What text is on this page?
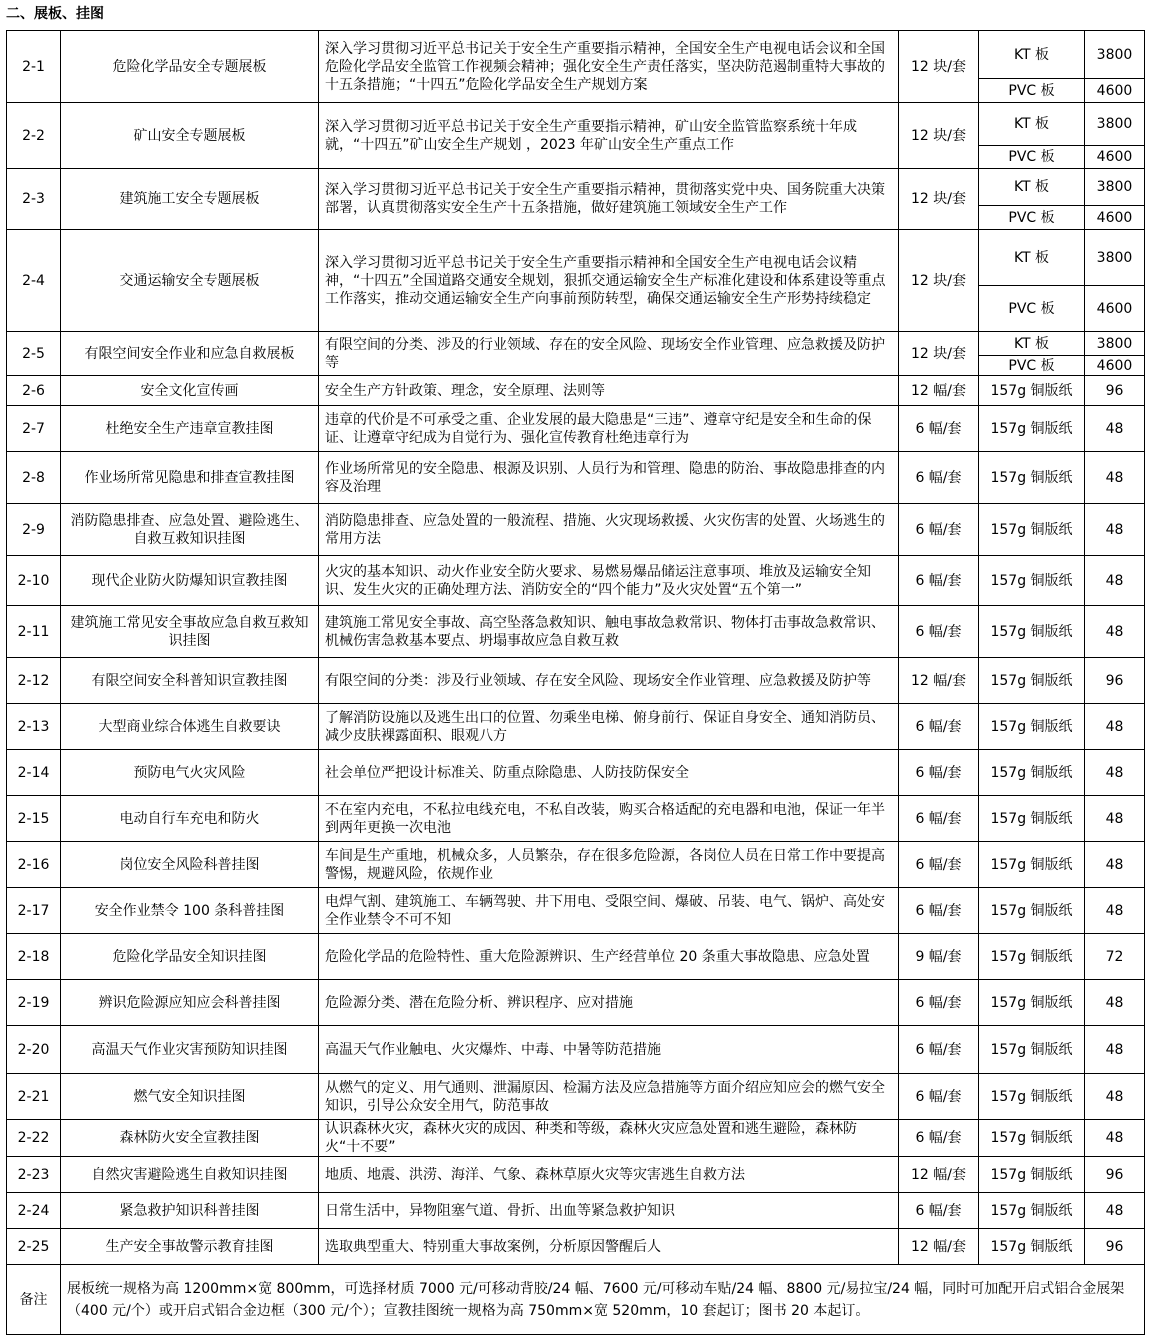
二、展板、挂图
2-1	危险化学品安全专题展板	深入学习贯彻习近平总书记关于安全生产重要指示精神，全国安全生产电视电话会议和全国危险化学品安全监管工作视频会精神；强化安全生产责任落实，坚决防范遏制重特大事故的十五条措施；“十四五”危险化学品安全生产规划方案	12 块/套	KT 板	3800
				PVC 板	4600
2-2	矿山安全专题展板	深入学习贯彻习近平总书记关于安全生产重要指示精神，矿山安全监管监察系统十年成就，“十四五”矿山安全生产规划 ，2023 年矿山安全生产重点工作	12 块/套	KT 板	3800
				PVC 板	4600
2-3	建筑施工安全专题展板	深入学习贯彻习近平总书记关于安全生产重要指示精神，贯彻落实党中央、国务院重大决策部署，认真贯彻落实安全生产十五条措施，做好建筑施工领域安全生产工作	12 块/套	KT 板	3800
				PVC 板	4600
2-4	交通运输安全专题展板	深入学习贯彻习近平总书记关于安全生产重要指示精神和全国安全生产电视电话会议精神，“十四五”全国道路交通安全规划，狠抓交通运输安全生产标准化建设和体系建设等重点工作落实，推动交通运输安全生产向事前预防转型，确保交通运输安全生产形势持续稳定	12 块/套	KT 板	3800
				PVC 板	4600
2-5	有限空间安全作业和应急自救展板	有限空间的分类、涉及的行业领域、存在的安全风险、现场安全作业管理、应急救援及防护等	12 块/套	KT 板	3800
				PVC 板	4600
2-6	安全文化宣传画	安全生产方针政策、理念，安全原理、法则等	12 幅/套	157g 铜版纸	96
2-7	杜绝安全生产违章宣教挂图	违章的代价是不可承受之重、企业发展的最大隐患是“三违”、遵章守纪是安全和生命的保证、让遵章守纪成为自觉行为、强化宣传教育杜绝违章行为	6 幅/套	157g 铜版纸	48
2-8	作业场所常见隐患和排查宣教挂图	作业场所常见的安全隐患、根源及识别、人员行为和管理、隐患的防治、事故隐患排查的内容及治理	6 幅/套	157g 铜版纸	48
2-9	消防隐患排查、应急处置、避险逃生、自救互救知识挂图	消防隐患排查、应急处置的一般流程、措施、火灾现场救援、火灾伤害的处置、火场逃生的常用方法	6 幅/套	157g 铜版纸	48
2-10	现代企业防火防爆知识宣教挂图	火灾的基本知识、动火作业安全防火要求、易燃易爆品储运注意事项、堆放及运输安全知识、发生火灾的正确处理方法、消防安全的“四个能力”及火灾处置“五个第一”	6 幅/套	157g 铜版纸	48
2-11	建筑施工常见安全事故应急自救互救知识挂图	建筑施工常见安全事故、高空坠落急救知识、触电事故急救常识、物体打击事故急救常识、机械伤害急救基本要点、坍塌事故应急自救互救	6 幅/套	157g 铜版纸	48
2-12	有限空间安全科普知识宣教挂图	有限空间的分类：涉及行业领域、存在安全风险、现场安全作业管理、应急救援及防护等	12 幅/套	157g 铜版纸	96
2-13	大型商业综合体逃生自救要诀	了解消防设施以及逃生出口的位置、勿乘坐电梯、俯身前行、保证自身安全、通知消防员、减少皮肤裸露面积、眼观八方	6 幅/套	157g 铜版纸	48
2-14	预防电气火灾风险	社会单位严把设计标准关、防重点除隐患、人防技防保安全	6 幅/套	157g 铜版纸	48
2-15	电动自行车充电和防火	不在室内充电，不私拉电线充电，不私自改装，购买合格适配的充电器和电池，保证一年半到两年更换一次电池	6 幅/套	157g 铜版纸	48
2-16	岗位安全风险科普挂图	车间是生产重地，机械众多，人员繁杂，存在很多危险源，各岗位人员在日常工作中要提高警惕，规避风险，依规作业	6 幅/套	157g 铜版纸	48
2-17	安全作业禁令 100 条科普挂图	电焊气割、建筑施工、车辆驾驶、井下用电、受限空间、爆破、吊装、电气、锅炉、高处安全作业禁令不可不知	6 幅/套	157g 铜版纸	48
2-18	危险化学品安全知识挂图	危险化学品的危险特性、重大危险源辨识、生产经营单位 20 条重大事故隐患、应急处置	9 幅/套	157g 铜版纸	72
2-19	辨识危险源应知应会科普挂图	危险源分类、潜在危险分析、辨识程序、应对措施	6 幅/套	157g 铜版纸	48
2-20	高温天气作业灾害预防知识挂图	高温天气作业触电、火灾爆炸、中毒、中暑等防范措施	6 幅/套	157g 铜版纸	48
2-21	燃气安全知识挂图	从燃气的定义、用气通则、泄漏原因、检漏方法及应急措施等方面介绍应知应会的燃气安全知识，引导公众安全用气，防范事故	6 幅/套	157g 铜版纸	48
2-22	森林防火安全宣教挂图	认识森林火灾，森林火灾的成因、种类和等级，森林火灾应急处置和逃生避险，森林防火“十不要”	6 幅/套	157g 铜版纸	48
2-23	自然灾害避险逃生自救知识挂图	地质、地震、洪涝、海洋、气象、森林草原火灾等灾害逃生自救方法	12 幅/套	157g 铜版纸	96
2-24	紧急救护知识科普挂图	日常生活中，异物阻塞气道、骨折、出血等紧急救护知识	6 幅/套	157g 铜版纸	48
2-25	生产安全事故警示教育挂图	选取典型重大、特别重大事故案例，分析原因警醒后人	12 幅/套	157g 铜版纸	96
备注	展板统一规格为高 1200mm×宽 800mm，可选择材质 7000 元/可移动背胶/24 幅、7600 元/可移动车贴/24 幅、8800 元/易拉宝/24 幅，同时可加配开启式铝合金展架（400 元/个）或开启式铝合金边框（300 元/个）；宣教挂图统一规格为高 750mm×宽 520mm，10 套起订；图书 20 本起订。				
